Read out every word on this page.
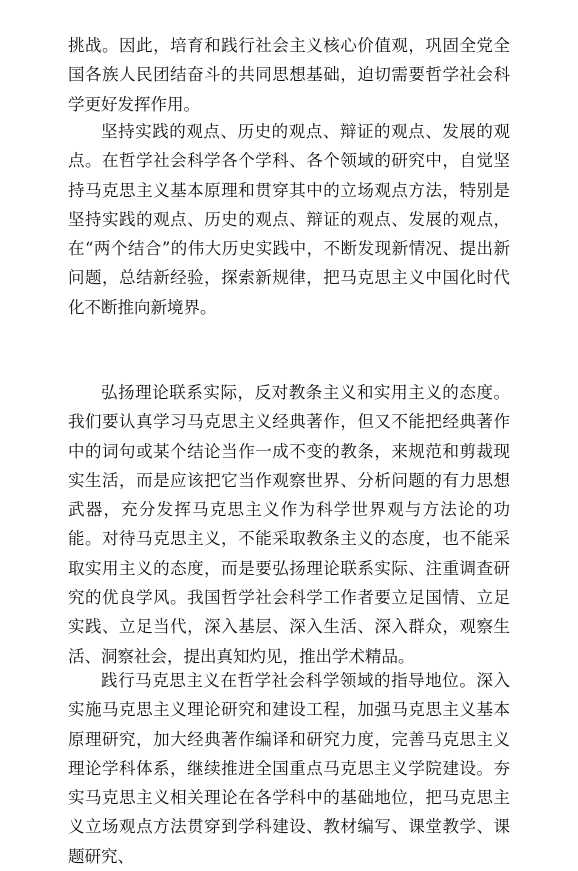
挑战。因此，培育和践行社会主义核心价值观，巩固全党全国各族人民团结奋斗的共同思想基础，迫切需要哲学社会科学更好发挥作用。

坚持实践的观点、历史的观点、辩证的观点、发展的观点。在哲学社会科学各个学科、各个领域的研究中，自觉坚持马克思主义基本原理和贯穿其中的立场观点方法，特别是坚持实践的观点、历史的观点、辩证的观点、发展的观点，在“两个结合”的伟大历史实践中，不断发现新情况、提出新问题，总结新经验，探索新规律，把马克思主义中国化时代化不断推向新境界。

弘扬理论联系实际，反对教条主义和实用主义的态度。我们要认真学习马克思主义经典著作，但又不能把经典著作中的词句或某个结论当作一成不变的教条，来规范和剪裁现实生活，而是应该把它当作观察世界、分析问题的有力思想武器，充分发挥马克思主义作为科学世界观与方法论的功能。对待马克思主义，不能采取教条主义的态度，也不能采取实用主义的态度，而是要弘扬理论联系实际、注重调查研究的优良学风。我国哲学社会科学工作者要立足国情、立足实践、立足当代，深入基层、深入生活、深入群众，观察生活、洞察社会，提出真知灼见，推出学术精品。

践行马克思主义在哲学社会科学领域的指导地位。深入实施马克思主义理论研究和建设工程，加强马克思主义基本原理研究，加大经典著作编译和研究力度，完善马克思主义理论学科体系，继续推进全国重点马克思主义学院建设。夯实马克思主义相关理论在各学科中的基础地位，把马克思主义立场观点方法贯穿到学科建设、教材编写、课堂教学、课题研究、
